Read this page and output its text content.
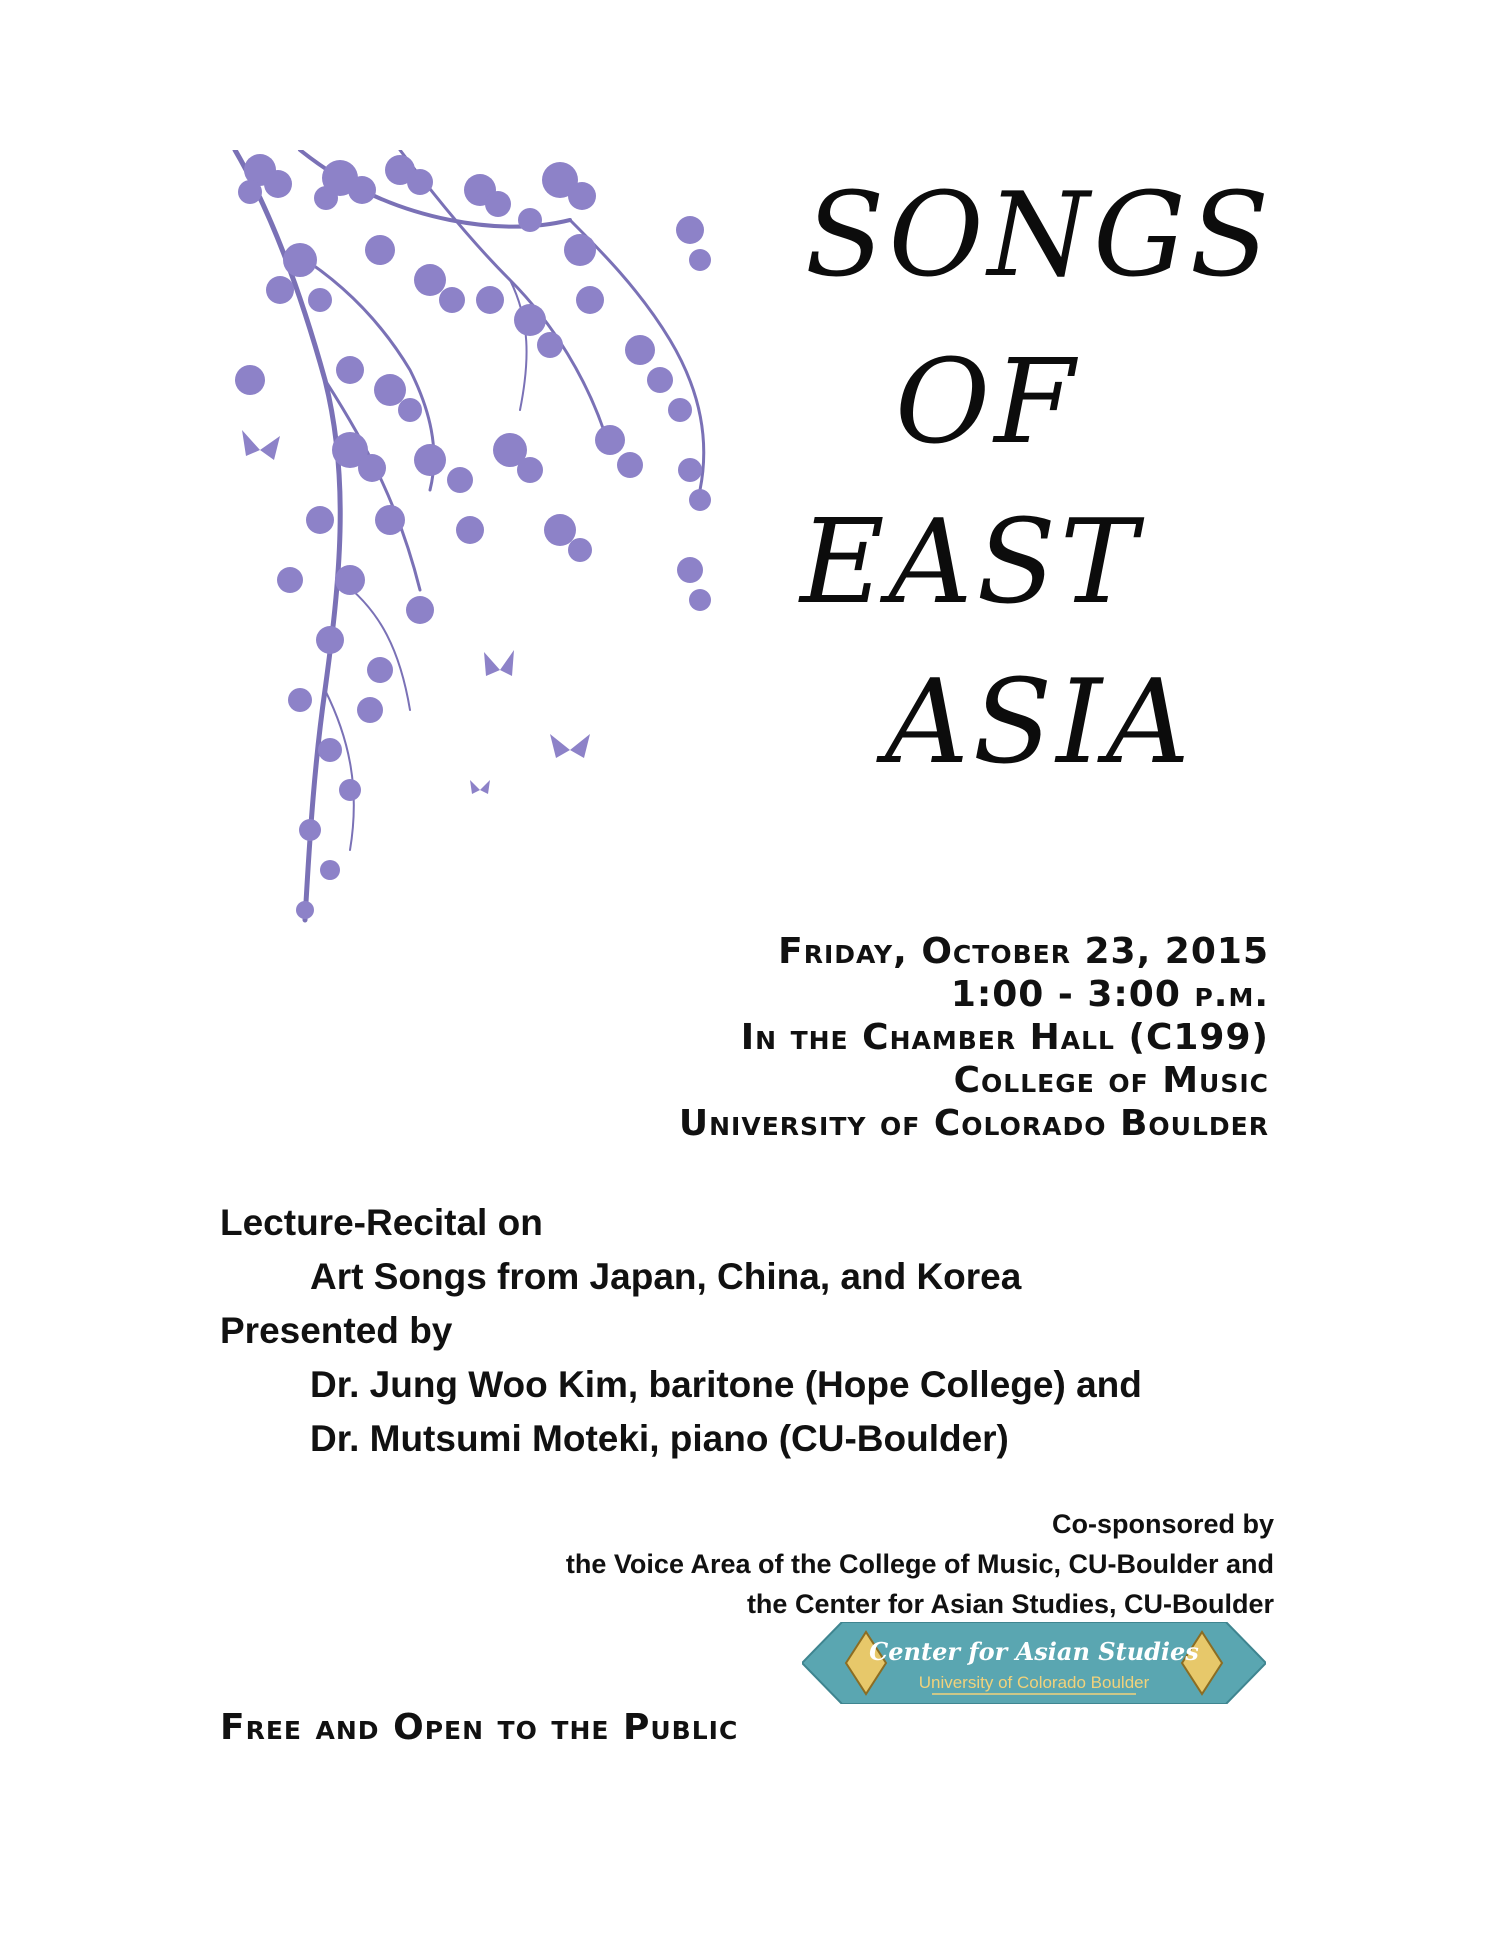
SONGS
OF
EAST
ASIA
Friday, October 23, 2015
1:00 - 3:00 p.m.
In the Chamber Hall (C199)
College of Music
University of Colorado Boulder
Lecture-Recital on
Art Songs from Japan, China, and Korea
Presented by
Dr. Jung Woo Kim, baritone (Hope College) and
Dr. Mutsumi Moteki, piano (CU-Boulder)
Co-sponsored by
the Voice Area of the College of Music, CU-Boulder and
the Center for Asian Studies, CU-Boulder
Center for Asian Studies
University of Colorado Boulder
Free and Open to the Public
